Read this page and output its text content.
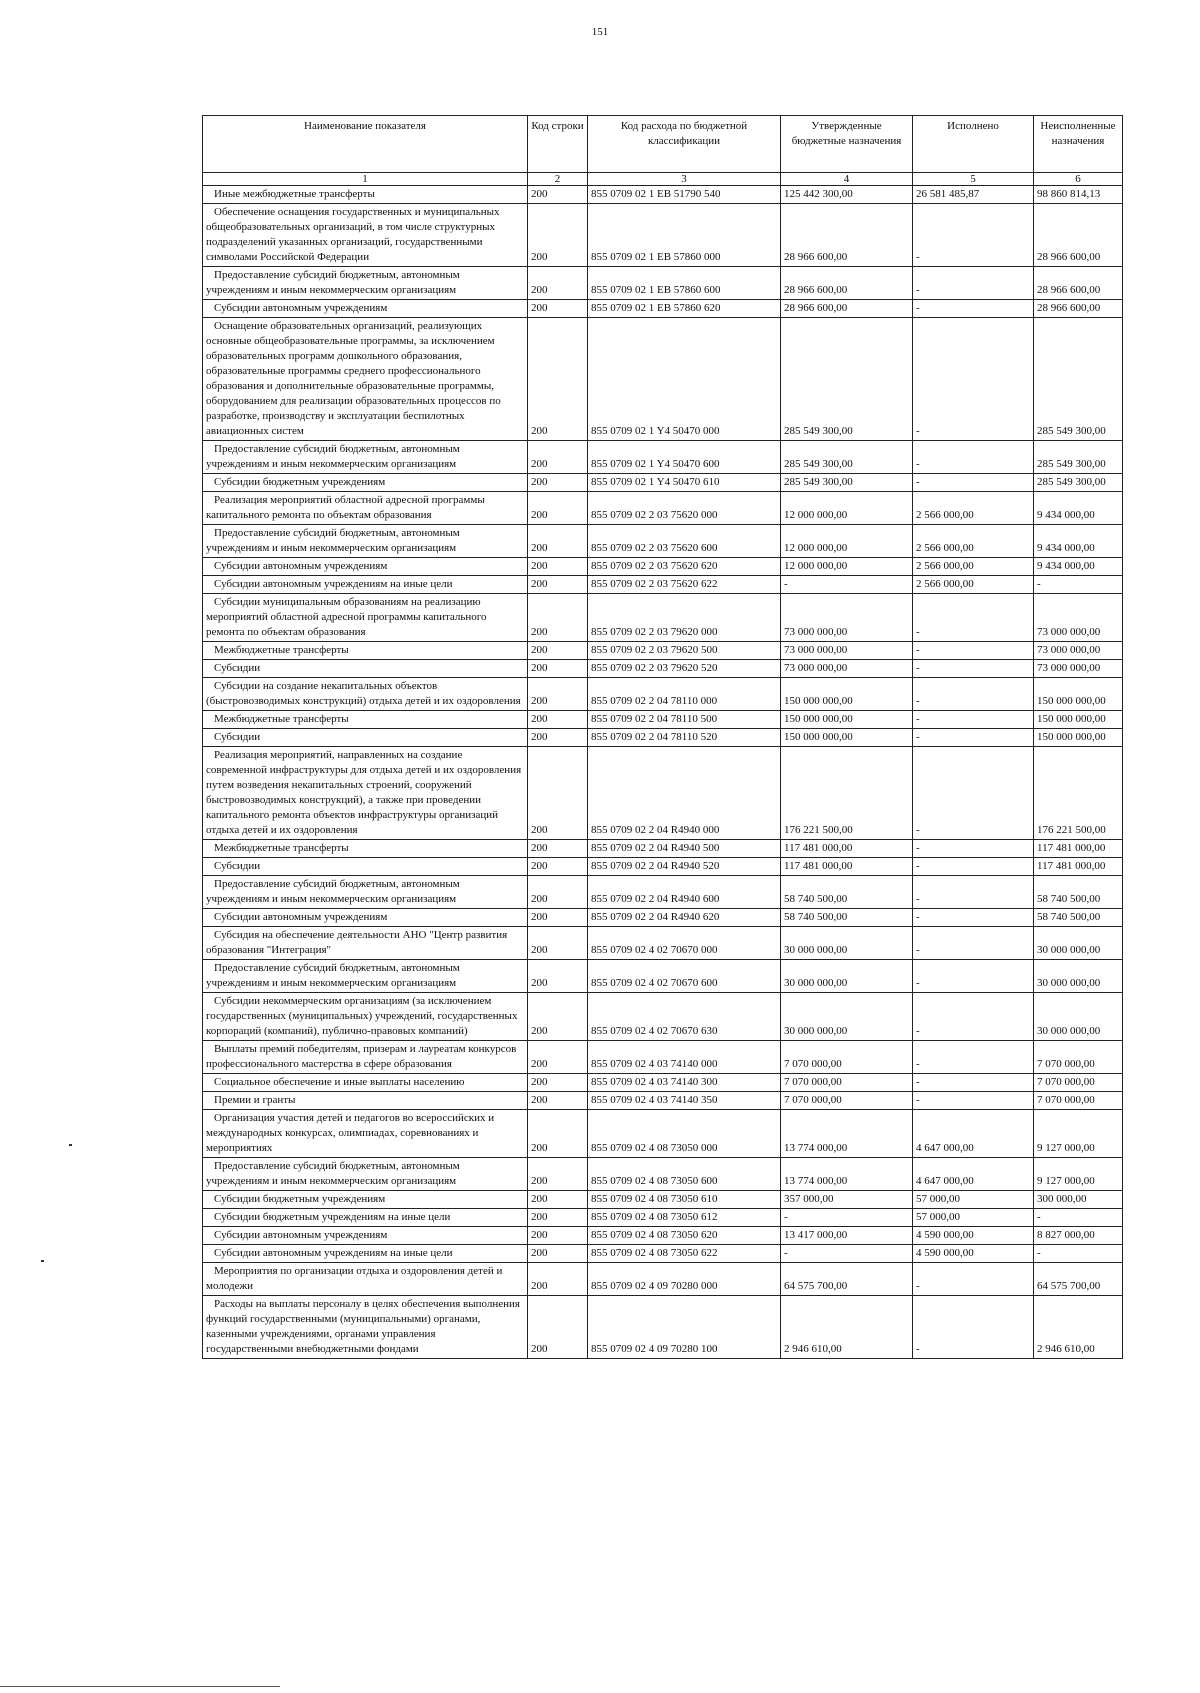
151
Наименование показателя	Код строки	Код расхода по бюджетной классификации	Утвержденные бюджетные назначения	Исполнено	Неисполненные назначения
1	2	3	4	5	6
Иные межбюджетные трансферты	200	855 0709 02 1 EB 51790 540	125 442 300,00	26 581 485,87	98 860 814,13
Обеспечение оснащения государственных и муниципальных общеобразовательных организаций, в том числе структурных подразделений указанных организаций, государственными символами Российской Федерации	200	855 0709 02 1 EB 57860 000	28 966 600,00	-	28 966 600,00
Предоставление субсидий бюджетным, автономным учреждениям и иным некоммерческим организациям	200	855 0709 02 1 EB 57860 600	28 966 600,00	-	28 966 600,00
Субсидии автономным учреждениям	200	855 0709 02 1 EB 57860 620	28 966 600,00	-	28 966 600,00
Оснащение образовательных организаций, реализующих основные общеобразовательные программы, за исключением образовательных программ дошкольного образования, образовательные программы среднего профессионального образования и дополнительные образовательные программы, оборудованием для реализации образовательных процессов по разработке, производству и эксплуатации беспилотных авиационных систем	200	855 0709 02 1 Y4 50470 000	285 549 300,00	-	285 549 300,00
Предоставление субсидий бюджетным, автономным учреждениям и иным некоммерческим организациям	200	855 0709 02 1 Y4 50470 600	285 549 300,00	-	285 549 300,00
Субсидии бюджетным учреждениям	200	855 0709 02 1 Y4 50470 610	285 549 300,00	-	285 549 300,00
Реализация мероприятий областной адресной программы капитального ремонта по объектам образования	200	855 0709 02 2 03 75620 000	12 000 000,00	2 566 000,00	9 434 000,00
Предоставление субсидий бюджетным, автономным учреждениям и иным некоммерческим организациям	200	855 0709 02 2 03 75620 600	12 000 000,00	2 566 000,00	9 434 000,00
Субсидии автономным учреждениям	200	855 0709 02 2 03 75620 620	12 000 000,00	2 566 000,00	9 434 000,00
Субсидии автономным учреждениям на иные цели	200	855 0709 02 2 03 75620 622	-	2 566 000,00	-
Субсидии муниципальным образованиям на реализацию мероприятий областной адресной программы капитального ремонта по объектам образования	200	855 0709 02 2 03 79620 000	73 000 000,00	-	73 000 000,00
Межбюджетные трансферты	200	855 0709 02 2 03 79620 500	73 000 000,00	-	73 000 000,00
Субсидии	200	855 0709 02 2 03 79620 520	73 000 000,00	-	73 000 000,00
Субсидии на создание некапитальных объектов (быстровозводимых конструкций) отдыха детей и их оздоровления	200	855 0709 02 2 04 78110 000	150 000 000,00	-	150 000 000,00
Межбюджетные трансферты	200	855 0709 02 2 04 78110 500	150 000 000,00	-	150 000 000,00
Субсидии	200	855 0709 02 2 04 78110 520	150 000 000,00	-	150 000 000,00
Реализация мероприятий, направленных на создание современной инфраструктуры для отдыха детей и их оздоровления путем возведения некапитальных строений, сооружений быстровозводимых конструкций), а также при проведении капитального ремонта объектов инфраструктуры организаций отдыха детей и их оздоровления	200	855 0709 02 2 04 R4940 000	176 221 500,00	-	176 221 500,00
Межбюджетные трансферты	200	855 0709 02 2 04 R4940 500	117 481 000,00	-	117 481 000,00
Субсидии	200	855 0709 02 2 04 R4940 520	117 481 000,00	-	117 481 000,00
Предоставление субсидий бюджетным, автономным учреждениям и иным некоммерческим организациям	200	855 0709 02 2 04 R4940 600	58 740 500,00	-	58 740 500,00
Субсидии автономным учреждениям	200	855 0709 02 2 04 R4940 620	58 740 500,00	-	58 740 500,00
Субсидия на обеспечение деятельности АНО "Центр развития образования "Интеграция"	200	855 0709 02 4 02 70670 000	30 000 000,00	-	30 000 000,00
Предоставление субсидий бюджетным, автономным учреждениям и иным некоммерческим организациям	200	855 0709 02 4 02 70670 600	30 000 000,00	-	30 000 000,00
Субсидии некоммерческим организациям (за исключением государственных (муниципальных) учреждений, государственных корпораций (компаний), публично-правовых компаний)	200	855 0709 02 4 02 70670 630	30 000 000,00	-	30 000 000,00
Выплаты премий победителям, призерам и лауреатам конкурсов профессионального мастерства в сфере образования	200	855 0709 02 4 03 74140 000	7 070 000,00	-	7 070 000,00
Социальное обеспечение и иные выплаты населению	200	855 0709 02 4 03 74140 300	7 070 000,00	-	7 070 000,00
Премии и гранты	200	855 0709 02 4 03 74140 350	7 070 000,00	-	7 070 000,00
Организация участия детей и педагогов во всероссийских и международных конкурсах, олимпиадах, соревнованиях и мероприятиях	200	855 0709 02 4 08 73050 000	13 774 000,00	4 647 000,00	9 127 000,00
Предоставление субсидий бюджетным, автономным учреждениям и иным некоммерческим организациям	200	855 0709 02 4 08 73050 600	13 774 000,00	4 647 000,00	9 127 000,00
Субсидии бюджетным учреждениям	200	855 0709 02 4 08 73050 610	357 000,00	57 000,00	300 000,00
Субсидии бюджетным учреждениям на иные цели	200	855 0709 02 4 08 73050 612	-	57 000,00	-
Субсидии автономным учреждениям	200	855 0709 02 4 08 73050 620	13 417 000,00	4 590 000,00	8 827 000,00
Субсидии автономным учреждениям на иные цели	200	855 0709 02 4 08 73050 622	-	4 590 000,00	-
Мероприятия по организации отдыха и оздоровления детей и молодежи	200	855 0709 02 4 09 70280 000	64 575 700,00	-	64 575 700,00
Расходы на выплаты персоналу в целях обеспечения выполнения функций государственными (муниципальными) органами, казенными учреждениями, органами управления государственными внебюджетными фондами	200	855 0709 02 4 09 70280 100	2 946 610,00	-	2 946 610,00
